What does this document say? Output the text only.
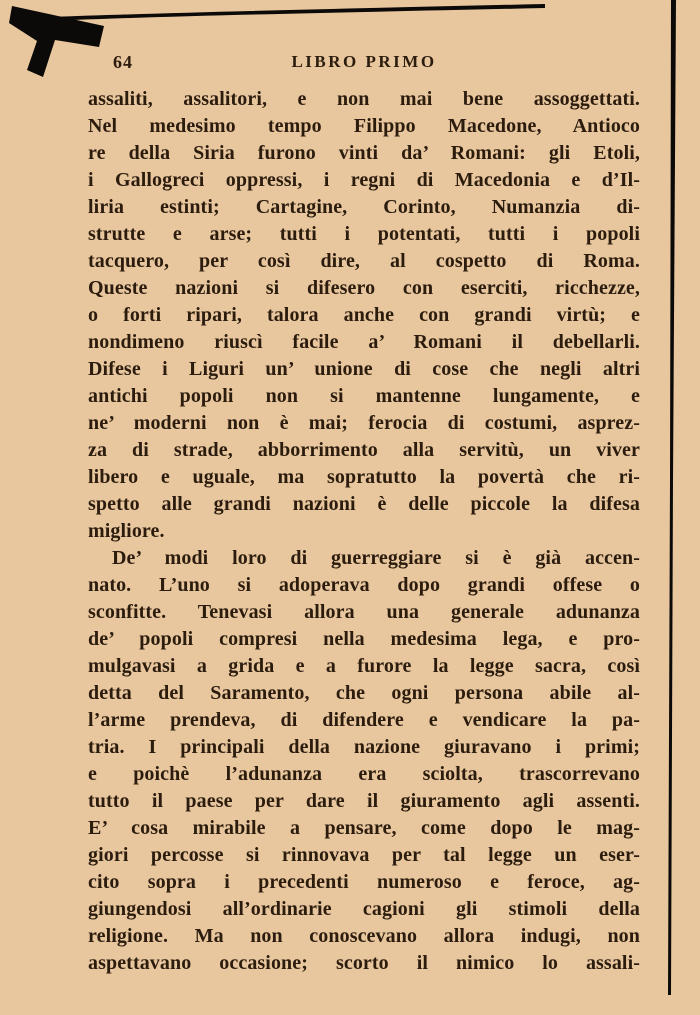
64	LIBRO PRIMO
assaliti, assalitori, e non mai bene assoggettati.
Nel medesimo tempo Filippo Macedone, Antioco
re della Siria furono vinti da’ Romani: gli Etoli,
i Gallogreci oppressi, i regni di Macedonia e d’Il-
liria estinti; Cartagine, Corinto, Numanzia di-
strutte e arse; tutti i potentati, tutti i popoli
tacquero, per così dire, al cospetto di Roma.
Queste nazioni si difesero con eserciti, ricchezze,
o forti ripari, talora anche con grandi virtù; e
nondimeno riuscì facile a’ Romani il debellarli.
Difese i Liguri un’ unione di cose che negli altri
antichi popoli non si mantenne lungamente, e
ne’ moderni non è mai; ferocia di costumi, asprez-
za di strade, abborrimento alla servitù, un viver
libero e uguale, ma sopratutto la povertà che ri-
spetto alle grandi nazioni è delle piccole la difesa
migliore.
De’ modi loro di guerreggiare si è già accen-
nato. L’uno si adoperava dopo grandi offese o
sconfitte. Tenevasi allora una generale adunanza
de’ popoli compresi nella medesima lega, e pro-
mulgavasi a grida e a furore la legge sacra, così
detta del Saramento, che ogni persona abile al-
l’arme prendeva, di difendere e vendicare la pa-
tria. I principali della nazione giuravano i primi;
e poichè l’adunanza era sciolta, trascorrevano
tutto il paese per dare il giuramento agli assenti.
E’ cosa mirabile a pensare, come dopo le mag-
giori percosse si rinnovava per tal legge un eser-
cito sopra i precedenti numeroso e feroce, ag-
giungendosi all’ordinarie cagioni gli stimoli della
religione. Ma non conoscevano allora indugi, non
aspettavano occasione; scorto il nimico lo assali-
